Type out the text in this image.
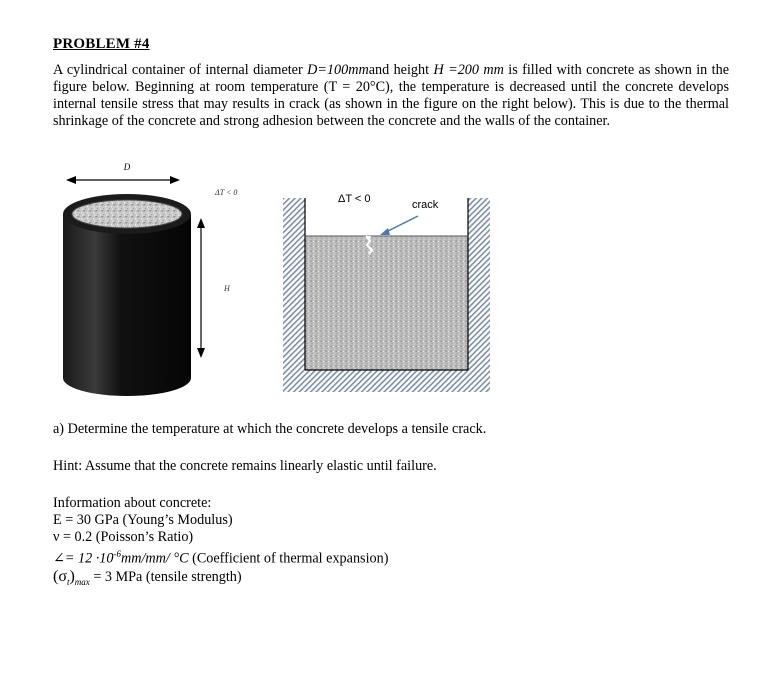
PROBLEM #4
A cylindrical container of internal diameter D=100mmand height H =200 mm is filled with concrete as shown in the figure below. Beginning at room temperature (T = 20°C), the temperature is decreased until the concrete develops internal tensile stress that may results in crack (as shown in the figure on the right below). This is due to the thermal shrinkage of the concrete and strong adhesion between the concrete and the walls of the container.
D
ΔT < 0
H
ΔT < 0	crack
a) Determine the temperature at which the concrete develops a tensile crack.
Hint: Assume that the concrete remains linearly elastic until failure.
Information about concrete:
E = 30 GPa (Young’s Modulus)
ν = 0.2 (Poisson’s Ratio)
∠= $12 \cdot 10^{-6}mm/mm/$ °C (Coefficient of thermal expansion)
$(\sigma_t)_{max} = 3$ MPa (tensile strength)
